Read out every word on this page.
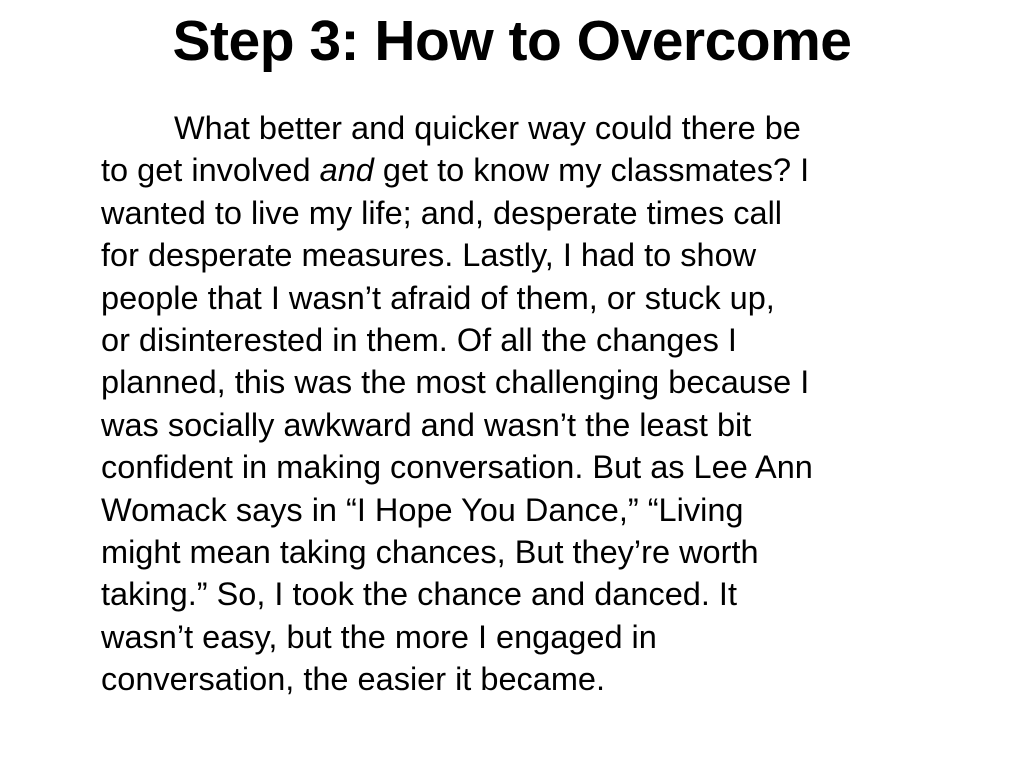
Step 3: How to Overcome
What better and quicker way could there be
to get involved and get to know my classmates? I
wanted to live my life; and, desperate times call
for desperate measures. Lastly, I had to show
people that I wasn’t afraid of them, or stuck up,
or disinterested in them. Of all the changes I
planned, this was the most challenging because I
was socially awkward and wasn’t the least bit
confident in making conversation. But as Lee Ann
Womack says in “I Hope You Dance,” “Living
might mean taking chances, But they’re worth
taking.” So, I took the chance and danced. It
wasn’t easy, but the more I engaged in
conversation, the easier it became.
